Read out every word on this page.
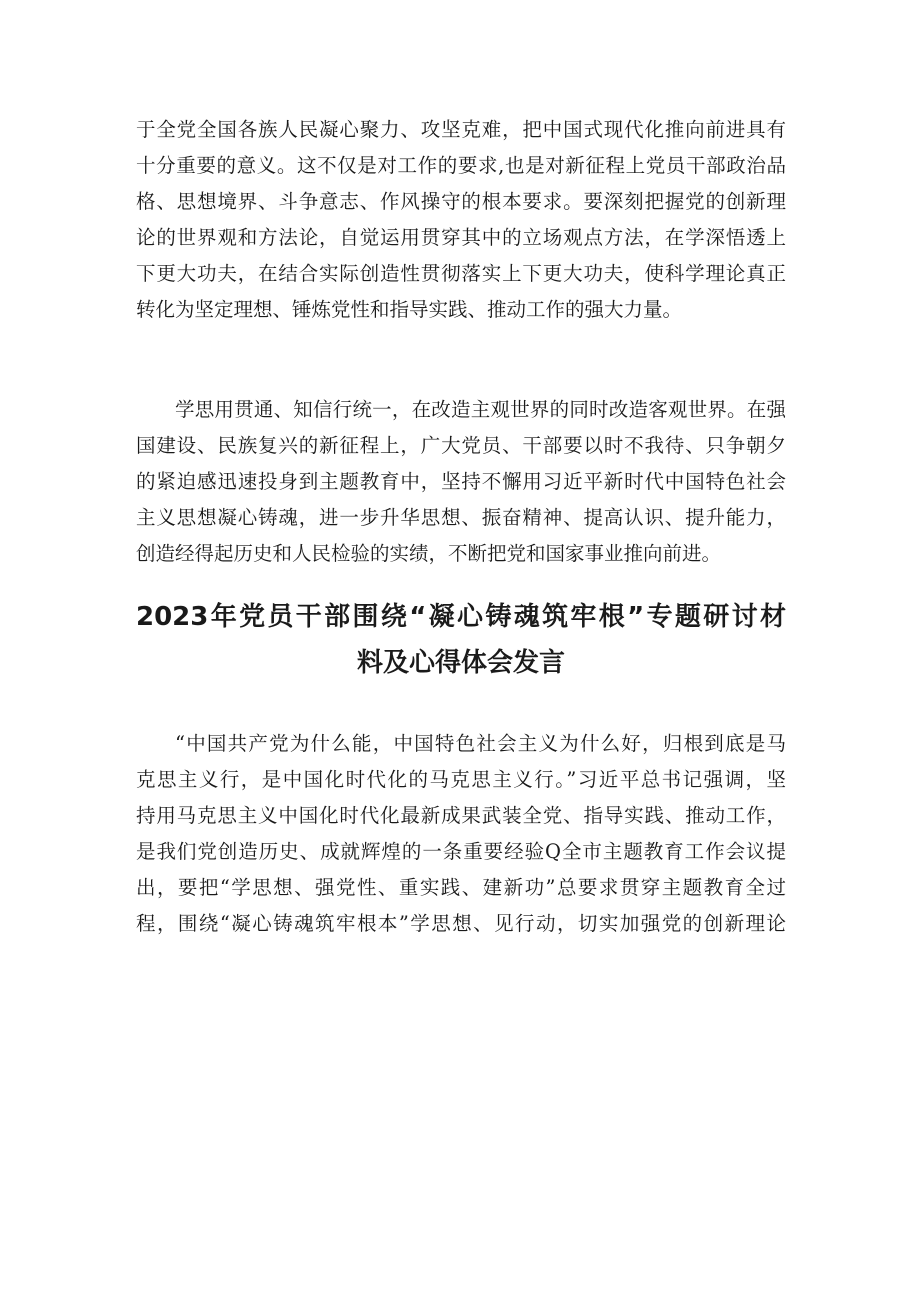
于全党全国各族人民凝心聚力、攻坚克难，把中国式现代化推向前进具有
十分重要的意义。这不仅是对工作的要求,也是对新征程上党员干部政治品
格、思想境界、斗争意志、作风操守的根本要求。要深刻把握党的创新理
论的世界观和方法论，自觉运用贯穿其中的立场观点方法，在学深悟透上
下更大功夫，在结合实际创造性贯彻落实上下更大功夫，使科学理论真正
转化为坚定理想、锤炼党性和指导实践、推动工作的强大力量。
学思用贯通、知信行统一，在改造主观世界的同时改造客观世界。在强
国建设、民族复兴的新征程上，广大党员、干部要以时不我待、只争朝夕
的紧迫感迅速投身到主题教育中，坚持不懈用习近平新时代中国特色社会
主义思想凝心铸魂，进一步升华思想、振奋精神、提高认识、提升能力，
创造经得起历史和人民检验的实绩，不断把党和国家事业推向前进。
2023年党员干部围绕“凝心铸魂筑牢根”专题研讨材
料及心得体会发言
“中国共产党为什么能，中国特色社会主义为什么好，归根到底是马
克思主义行，是中国化时代化的马克思主义行。”习近平总书记强调，坚
持用马克思主义中国化时代化最新成果武装全党、指导实践、推动工作，
是我们党创造历史、成就辉煌的一条重要经验Q全市主题教育工作会议提
出，要把“学思想、强党性、重实践、建新功”总要求贯穿主题教育全过
程，围绕“凝心铸魂筑牢根本”学思想、见行动，切实加强党的创新理论
